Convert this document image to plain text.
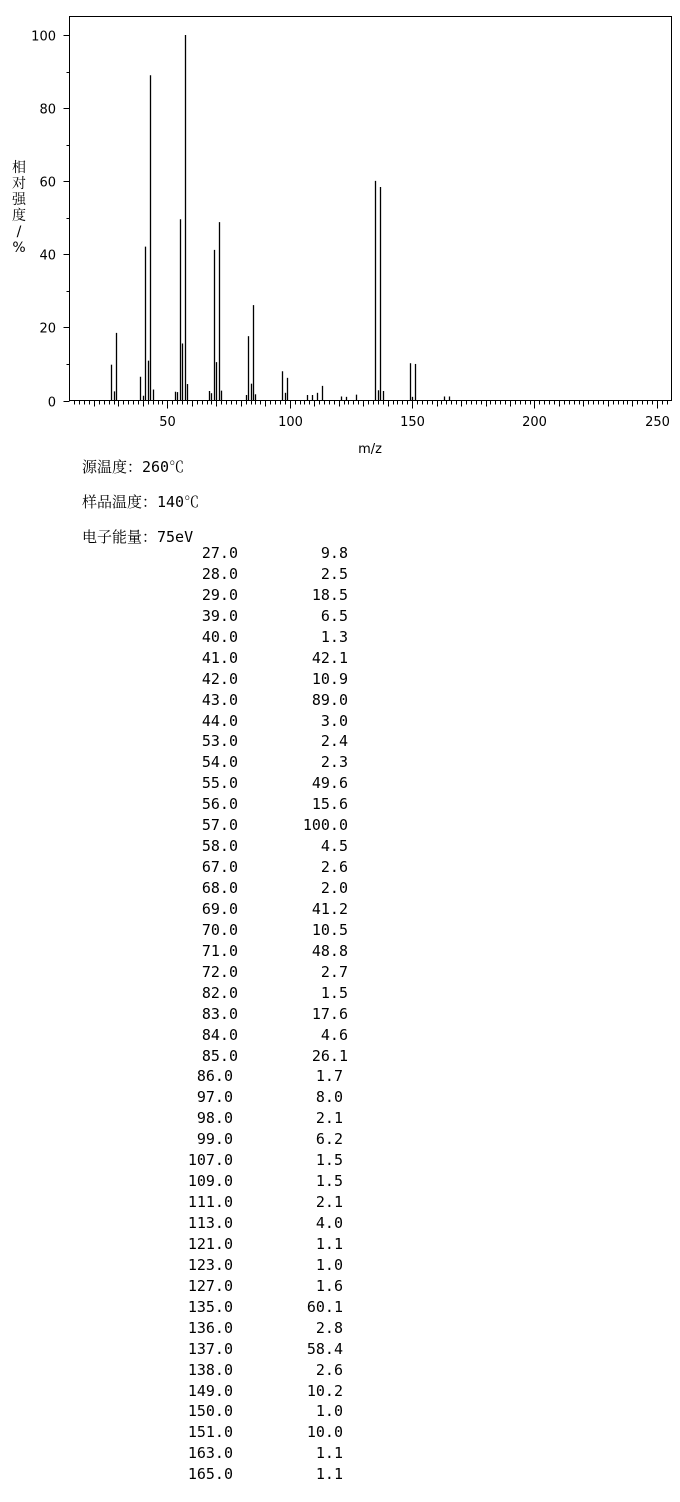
50	100	150	200	250
0
20
40
60
80
100
m/z
相
对
强
度
/
%
源温度：260℃
样品温度：140℃
电子能量：75eV
27.0	9.8
28.0	2.5
29.0	18.5
39.0	6.5
40.0	1.3
41.0	42.1
42.0	10.9
43.0	89.0
44.0	3.0
53.0	2.4
54.0	2.3
55.0	49.6
56.0	15.6
57.0	100.0
58.0	4.5
67.0	2.6
68.0	2.0
69.0	41.2
70.0	10.5
71.0	48.8
72.0	2.7
82.0	1.5
83.0	17.6
84.0	4.6
85.0	26.1
86.0	1.7
97.0	8.0
98.0	2.1
99.0	6.2
107.0	1.5
109.0	1.5
111.0	2.1
113.0	4.0
121.0	1.1
123.0	1.0
127.0	1.6
135.0	60.1
136.0	2.8
137.0	58.4
138.0	2.6
149.0	10.2
150.0	1.0
151.0	10.0
163.0	1.1
165.0	1.1
